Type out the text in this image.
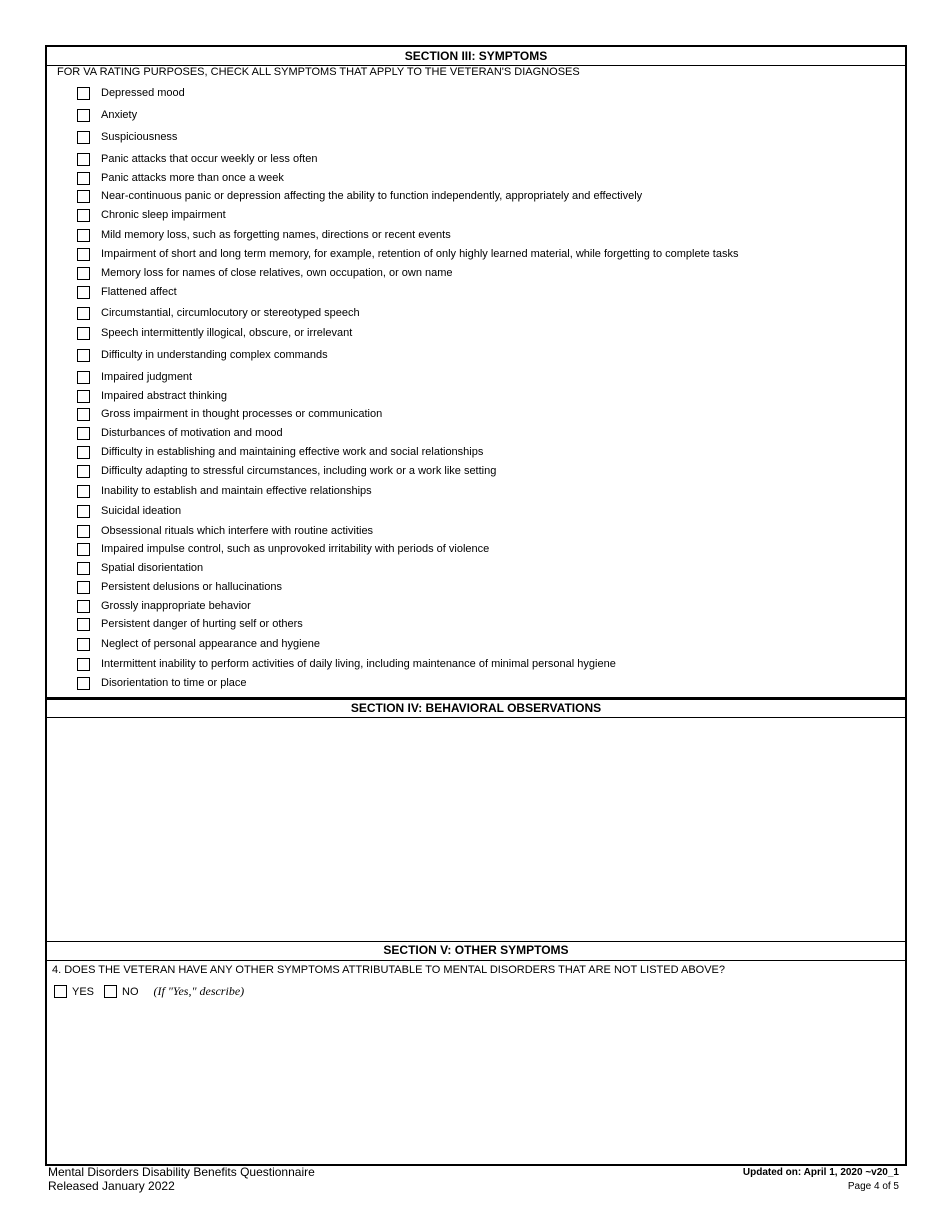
SECTION III: SYMPTOMS
FOR VA RATING PURPOSES, CHECK ALL SYMPTOMS THAT APPLY TO THE VETERAN'S DIAGNOSES
Depressed mood
Anxiety
Suspiciousness
Panic attacks that occur weekly or less often
Panic attacks more than once a week
Near-continuous panic or depression affecting the ability to function independently, appropriately and effectively
Chronic sleep impairment
Mild memory loss, such as forgetting names, directions or recent events
Impairment of short and long term memory, for example, retention of only highly learned material, while forgetting to complete tasks
Memory loss for names of close relatives, own occupation, or own name
Flattened affect
Circumstantial, circumlocutory or stereotyped speech
Speech intermittently illogical, obscure, or irrelevant
Difficulty in understanding complex commands
Impaired judgment
Impaired abstract thinking
Gross impairment in thought processes or communication
Disturbances of motivation and mood
Difficulty in establishing and maintaining effective work and social relationships
Difficulty adapting to stressful circumstances, including work or a work like setting
Inability to establish and maintain effective relationships
Suicidal ideation
Obsessional rituals which interfere with routine activities
Impaired impulse control, such as unprovoked irritability with periods of violence
Spatial disorientation
Persistent delusions or hallucinations
Grossly inappropriate behavior
Persistent danger of hurting self or others
Neglect of personal appearance and hygiene
Intermittent inability to perform activities of daily living, including maintenance of minimal personal hygiene
Disorientation to time or place
SECTION IV: BEHAVIORAL OBSERVATIONS
SECTION V: OTHER SYMPTOMS
4. DOES THE VETERAN HAVE ANY OTHER SYMPTOMS ATTRIBUTABLE TO MENTAL DISORDERS THAT ARE NOT LISTED ABOVE?
YES	NO (If "Yes," describe)
Mental Disorders Disability Benefits Questionnaire
Released January 2022
Updated on: April 1, 2020 ~v20_1
Page 4 of 5
